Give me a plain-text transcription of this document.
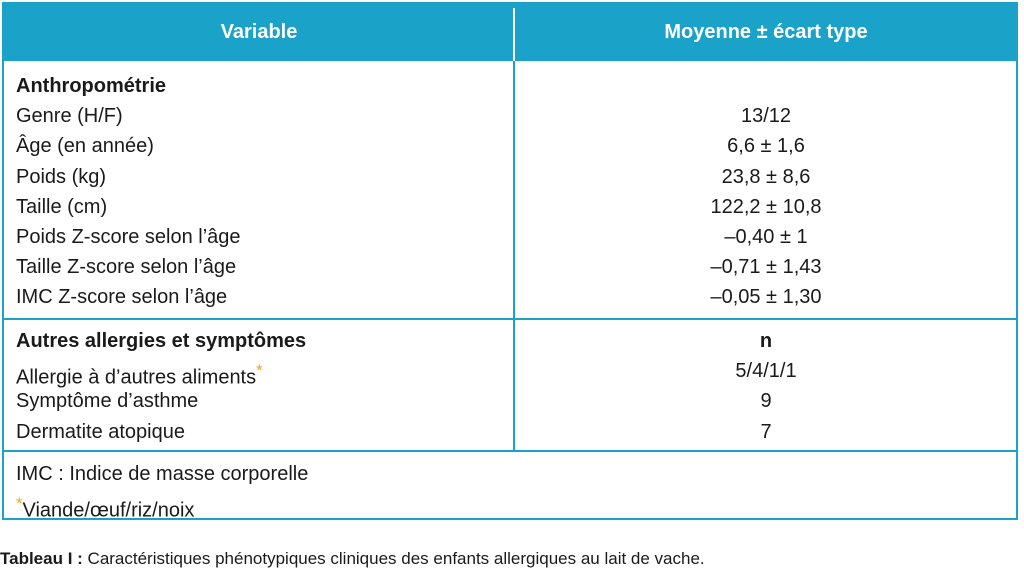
Variable	Moyenne ± écart type
Anthropométrie
Genre (H/F)	13/12
Âge (en année)	6,6 ± 1,6
Poids (kg)	23,8 ± 8,6
Taille (cm)	122,2 ± 10,8
Poids Z-score selon l’âge	–0,40 ± 1
Taille Z-score selon l’âge	–0,71 ± 1,43
IMC Z-score selon l’âge	–0,05 ± 1,30
Autres allergies et symptômes	n
Allergie à d’autres aliments*	5/4/1/1
Symptôme d’asthme	9
Dermatite atopique	7
IMC : Indice de masse corporelle
*Viande/œuf/riz/noix
Tableau I : Caractéristiques phénotypiques cliniques des enfants allergiques au lait de vache.
